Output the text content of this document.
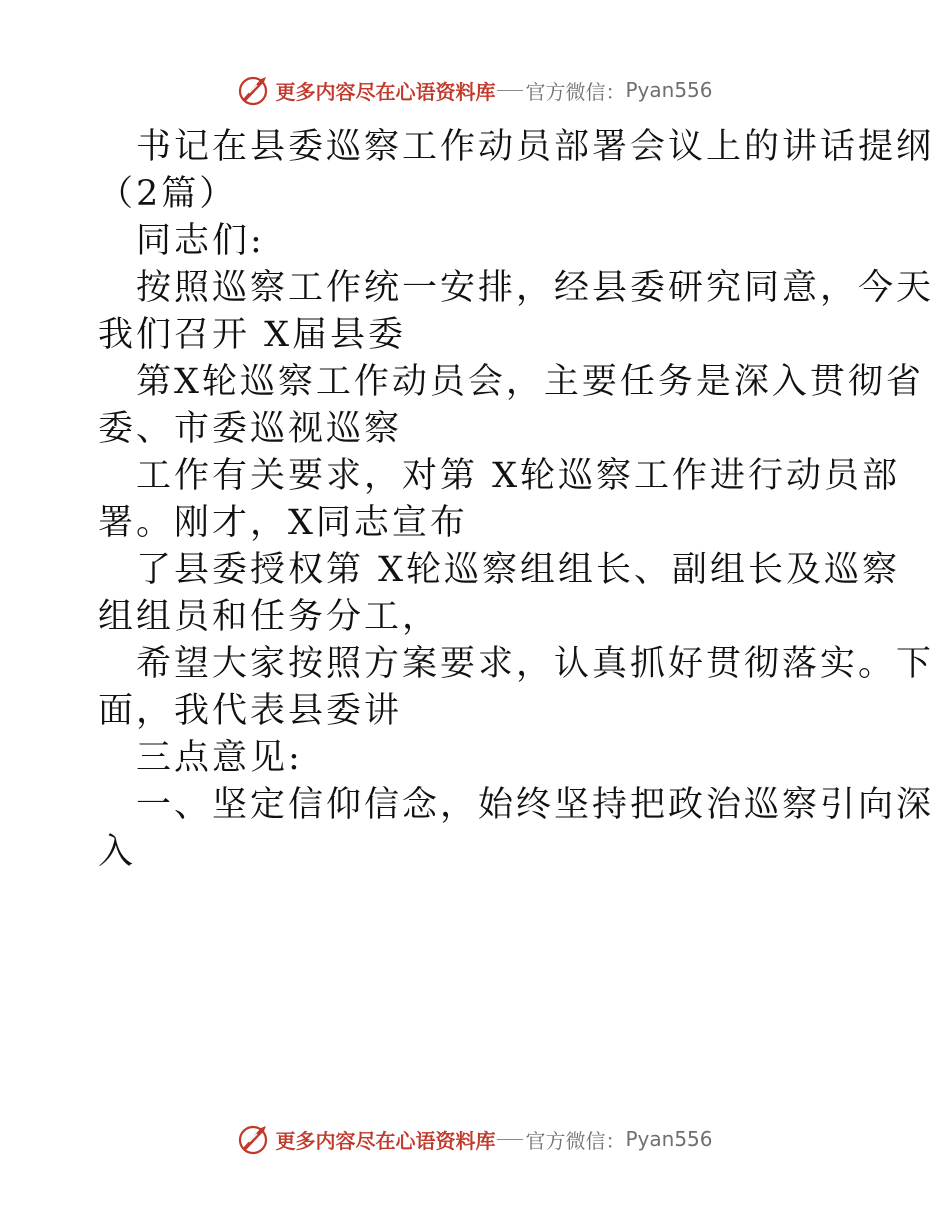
更多内容尽在心语资料库 官方微信： Pyan556

书记在县委巡察工作动员部署会议上的讲话提纲

（2篇）

同志们:

按照巡察工作统一安排，经县委研究同意，今天

我们召开 X届县委

第X轮巡察工作动员会，主要任务是深入贯彻省

委、市委巡视巡察

工作有关要求，对第 X轮巡察工作进行动员部

署。刚才，X同志宣布

了县委授权第 X轮巡察组组长、副组长及巡察

组组员和任务分工，

希望大家按照方案要求，认真抓好贯彻落实。下

面，我代表县委讲

三点意见:

一、坚定信仰信念，始终坚持把政治巡察引向深

入

更多内容尽在心语资料库 官方微信： Pyan556
